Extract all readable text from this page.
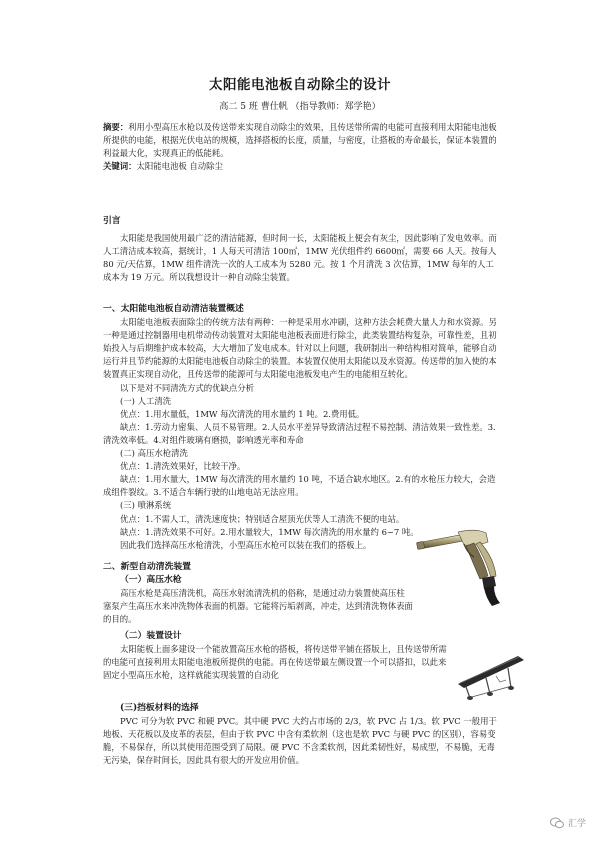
太阳能电池板自动除尘的设计
高二 5 班 曹仕帆 （指导教师：郑学艳）

摘要：利用小型高压水枪以及传送带来实现自动除尘的效果，且传送带所需的电能可直接利用太阳能电池板所提供的电能，根据光伏电站的规模，选择搭板的长度，质量，与密度，让搭板的寿命最长，保证本装置的利益最大化，实现真正的低能耗。

关键词：太阳能电池板 自动除尘

引言

太阳能是我国使用最广泛的清洁能源，但时间一长，太阳能板上便会有灰尘，因此影响了发电效率。而人工清洁成本较高，据统计，1 人每天可清洁 100㎡，1MW 光伏组件约 6600㎡，需要 66 人天。按每人 80 元/天估算，1MW 组件清洗一次的人工成本为 5280 元。按 1 个月清洗 3 次估算，1MW 每年的人工成本为 19 万元。所以我想设计一种自动除尘装置。

一、太阳能电池板自动清洁装置概述

太阳能电池板表面除尘的传统方法有两种：一种是采用水冲刷，这种方法会耗费大量人力和水资源。另一种是通过控制器用电机带动传动装置对太阳能电池板表面进行除尘，此类装置结构复杂，可靠性差，且初始投入与后期维护成本较高，大大增加了发电成本。针对以上问题，我研制出一种结构相对简单，能够自动运行并且节约能源的太阳能电池板自动除尘的装置。本装置仅使用太阳能以及水资源。传送带的加入使的本装置真正实现自动化，且传送带的能源可与太阳能电池板发电产生的电能相互转化。

以下是对不同清洗方式的优缺点分析

(一) 人工清洗

优点：1.用水量低，1MW 每次清洗的用水量约 1 吨。2.费用低。

缺点：1.劳动力密集、人员不易管理。2.人员水平差异导致清洁过程不易控制、清洁效果一致性差。3.清洗效率低。4.对组件玻璃有磨损，影响透光率和寿命

(二) 高压水枪清洗

优点：1.清洗效果好，比较干净。

缺点：1.用水量大，1MW 每次清洗的用水量约 10 吨，不适合缺水地区。2.有的水枪压力较大，会造成组件裂纹。3.不适合车辆行驶的山地电站无法应用。

(三) 喷淋系统

优点：1.不需人工，清洗速度快；特别适合屋顶光伏等人工清洗不便的电站。

缺点：1.清洗效果不可好。2.用水量较大，1MW 每次清洗的用水量约 6~7 吨。

因此我们选择高压水枪清洗，小型高压水枪可以装在我们的搭板上。

二、新型自动清洗装置

（一）高压水枪

高压水枪是高压清洗机，高压水射流清洗机的俗称，是通过动力装置使高压柱塞泵产生高压水来冲洗物体表面的机器。它能将污垢剥离，冲走，达到清洗物体表面的目的。

（二）装置设计

太阳能板上面多建设一个能放置高压水枪的搭板，将传送带平铺在搭版上，且传送带所需的电能可直接利用太阳能电池板所提供的电能。再在传送带最左侧设置一个可以搭扣，以此来固定小型高压水枪，这样就能实现装置的自动化

(三)挡板材料的选择

PVC 可分为软 PVC 和硬 PVC。其中硬 PVC 大约占市场的 2/3，软 PVC 占 1/3。软 PVC 一般用于地板、天花板以及皮革的表层，但由于软 PVC 中含有柔软剂（这也是软 PVC 与硬 PVC 的区别），容易变脆，不易保存，所以其使用范围受到了局限。硬 PVC 不含柔软剂，因此柔韧性好，易成型，不易脆，无毒无污染，保存时间长，因此具有很大的开发应用价值。

汇学
